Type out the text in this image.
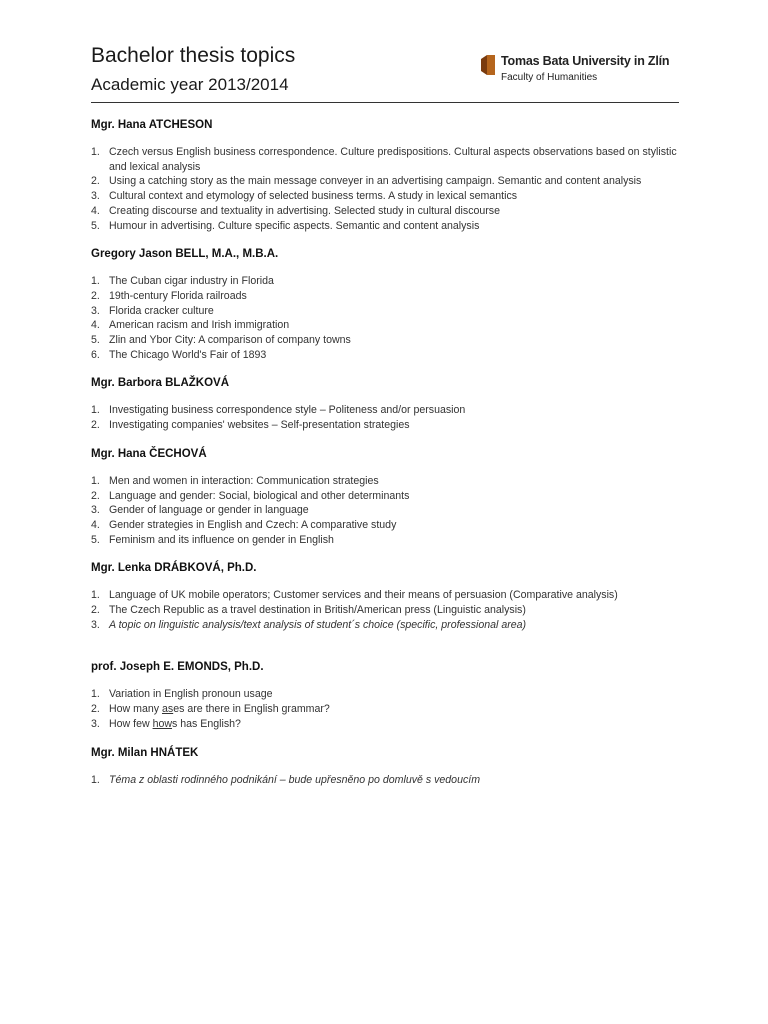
Bachelor thesis topics
Academic year 2013/2014
Tomas Bata University in Zlín
Faculty of Humanities
Mgr. Hana ATCHESON
1. Czech versus English business correspondence. Culture predispositions. Cultural aspects observations based on stylistic and lexical analysis
2. Using a catching story as the main message conveyer in an advertising campaign. Semantic and content analysis
3. Cultural context and etymology of selected business terms. A study in lexical semantics
4. Creating discourse and textuality in advertising. Selected study in cultural discourse
5. Humour in advertising. Culture specific aspects. Semantic and content analysis
Gregory Jason BELL, M.A., M.B.A.
1. The Cuban cigar industry in Florida
2. 19th-century Florida railroads
3. Florida cracker culture
4. American racism and Irish immigration
5. Zlin and Ybor City: A comparison of company towns
6. The Chicago World's Fair of 1893
Mgr. Barbora BLAŽKOVÁ
1. Investigating business correspondence style – Politeness and/or persuasion
2. Investigating companies' websites – Self-presentation strategies
Mgr. Hana ČECHOVÁ
1. Men and women in interaction: Communication strategies
2. Language and gender: Social, biological and other determinants
3. Gender of language or gender in language
4. Gender strategies in English and Czech: A comparative study
5. Feminism and its influence on gender in English
Mgr. Lenka DRÁBKOVÁ, Ph.D.
1. Language of UK mobile operators; Customer services and their means of persuasion (Comparative analysis)
2. The Czech Republic as a travel destination in British/American press (Linguistic analysis)
3. A topic on linguistic analysis/text analysis of student´s choice (specific, professional area)
prof. Joseph E. EMONDS, Ph.D.
1. Variation in English pronoun usage
2. How many ases are there in English grammar?
3. How few hows has English?
Mgr. Milan HNÁTEK
1. Téma z oblasti rodinného podnikání – bude upřesněno po domluvě s vedoucím
